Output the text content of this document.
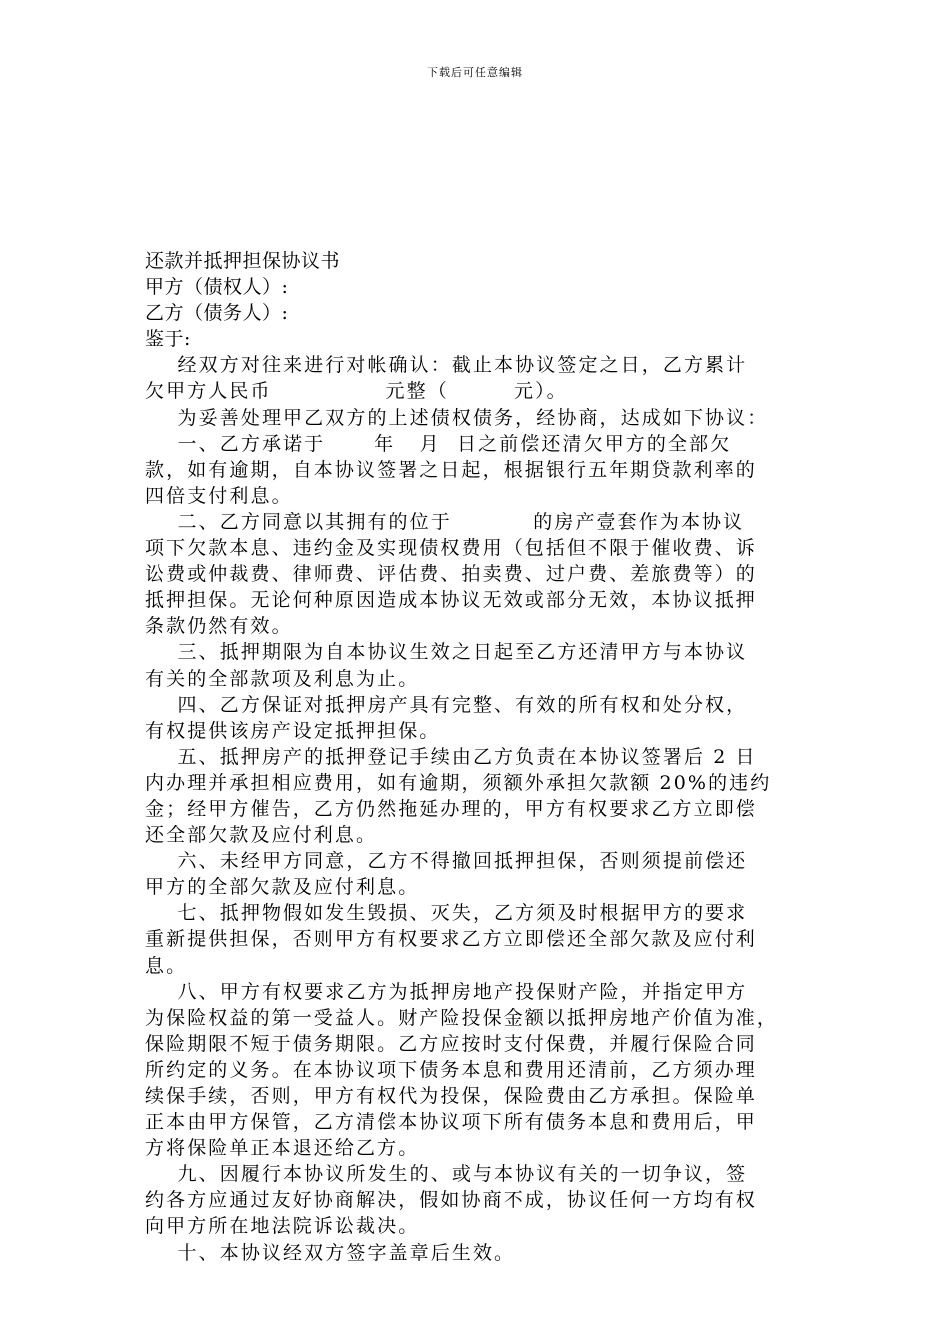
下载后可任意编辑
还款并抵押担保协议书
甲方（债权人）:
乙方（债务人）:
鉴于:
经双方对往来进行对帐确认：截止本协议签定之日，乙方累计
欠甲方人民币              元整（        元）。
为妥善处理甲乙双方的上述债权债务，经协商，达成如下协议：
一、乙方承诺于      年   月  日之前偿还清欠甲方的全部欠
款，如有逾期，自本协议签署之日起，根据银行五年期贷款利率的
四倍支付利息。
二、乙方同意以其拥有的位于          的房产壹套作为本协议
项下欠款本息、违约金及实现债权费用（包括但不限于催收费、诉
讼费或仲裁费、律师费、评估费、拍卖费、过户费、差旅费等）的
抵押担保。无论何种原因造成本协议无效或部分无效，本协议抵押
条款仍然有效。
三、抵押期限为自本协议生效之日起至乙方还清甲方与本协议
有关的全部款项及利息为止。
四、乙方保证对抵押房产具有完整、有效的所有权和处分权，
有权提供该房产设定抵押担保。
五、抵押房产的抵押登记手续由乙方负责在本协议签署后 2 日
内办理并承担相应费用，如有逾期，须额外承担欠款额 20%的违约
金；经甲方催告，乙方仍然拖延办理的，甲方有权要求乙方立即偿
还全部欠款及应付利息。
六、未经甲方同意，乙方不得撤回抵押担保，否则须提前偿还
甲方的全部欠款及应付利息。
七、抵押物假如发生毁损、灭失，乙方须及时根据甲方的要求
重新提供担保，否则甲方有权要求乙方立即偿还全部欠款及应付利
息。
八、甲方有权要求乙方为抵押房地产投保财产险，并指定甲方
为保险权益的第一受益人。财产险投保金额以抵押房地产价值为准，
保险期限不短于债务期限。乙方应按时支付保费，并履行保险合同
所约定的义务。在本协议项下债务本息和费用还清前，乙方须办理
续保手续，否则，甲方有权代为投保，保险费由乙方承担。保险单
正本由甲方保管，乙方清偿本协议项下所有债务本息和费用后，甲
方将保险单正本退还给乙方。
九、因履行本协议所发生的、或与本协议有关的一切争议，签
约各方应通过友好协商解决，假如协商不成，协议任何一方均有权
向甲方所在地法院诉讼裁决。
十、本协议经双方签字盖章后生效。
